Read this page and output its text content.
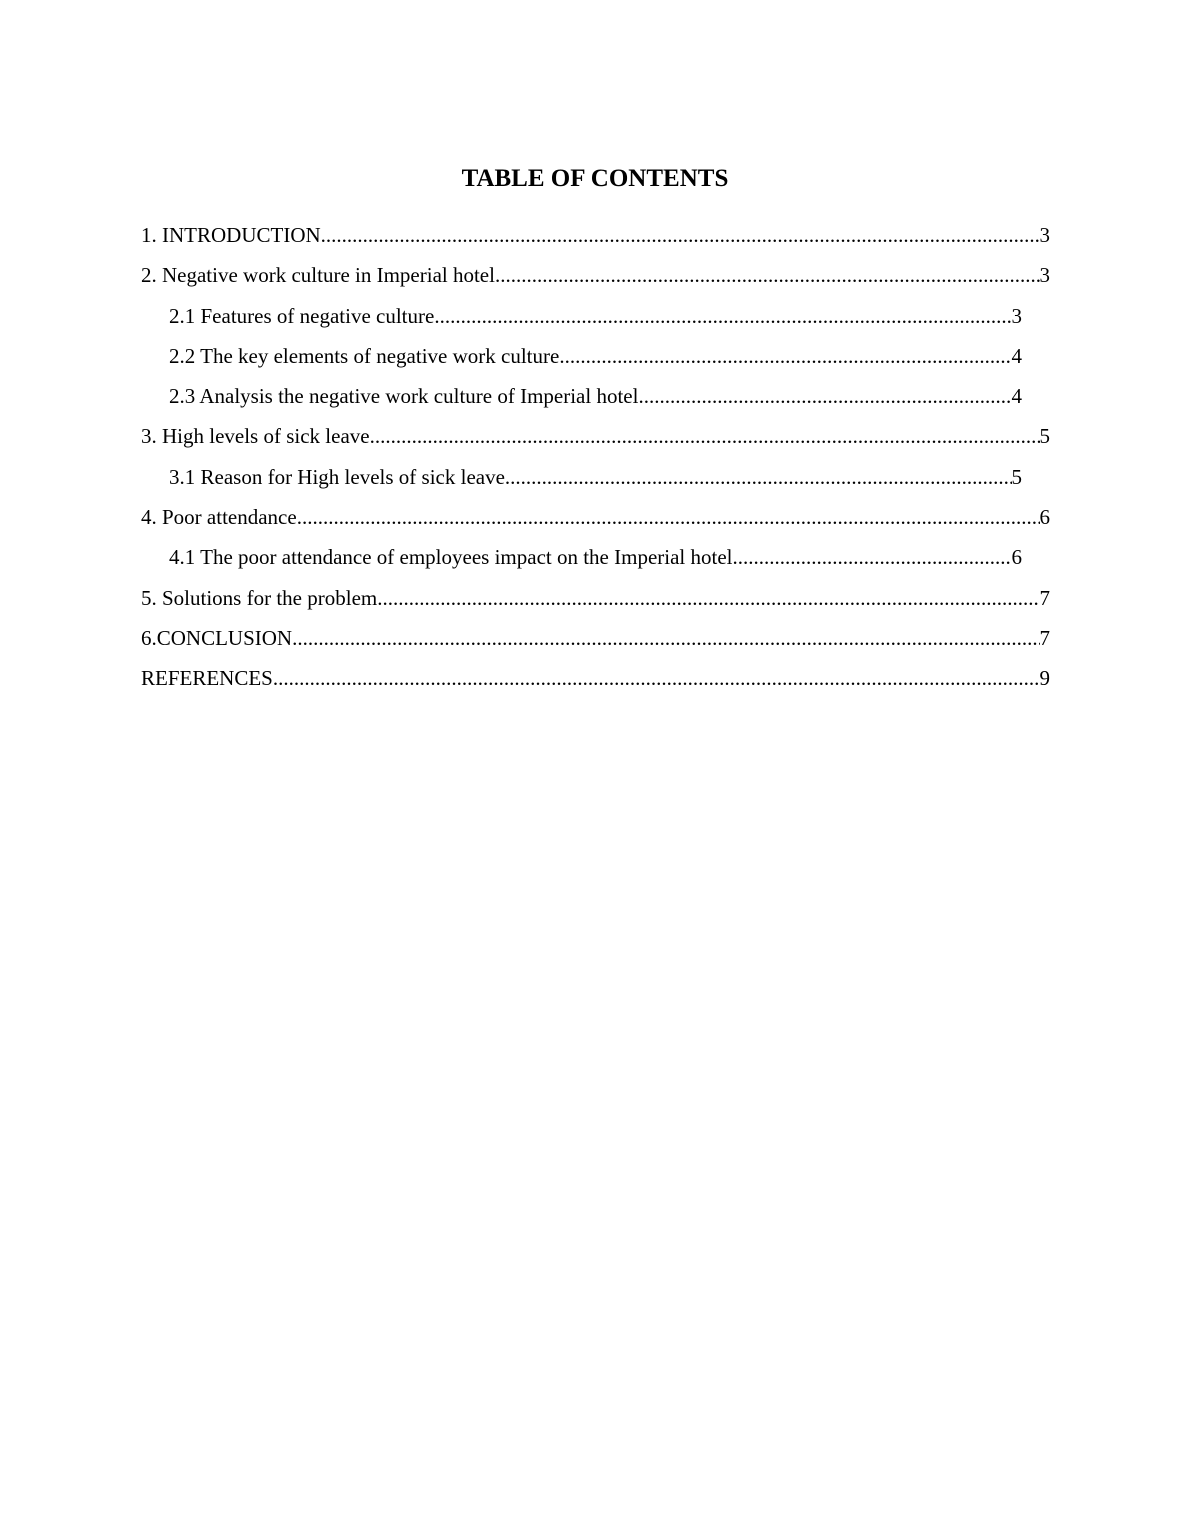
TABLE OF CONTENTS
1. INTRODUCTION .....	3
2. Negative work culture in Imperial hotel .....	3
2.1 Features of negative culture .....	3
2.2 The key elements of negative work culture .....	4
2.3 Analysis the negative work culture of Imperial hotel .....	4
3. High levels of sick leave .....	5
3.1 Reason for High levels of sick leave .....	5
4. Poor attendance .....	6
4.1 The poor attendance of employees impact on the Imperial hotel .....	6
5. Solutions for the problem .....	7
6.CONCLUSION .....	7
REFERENCES .....	9
